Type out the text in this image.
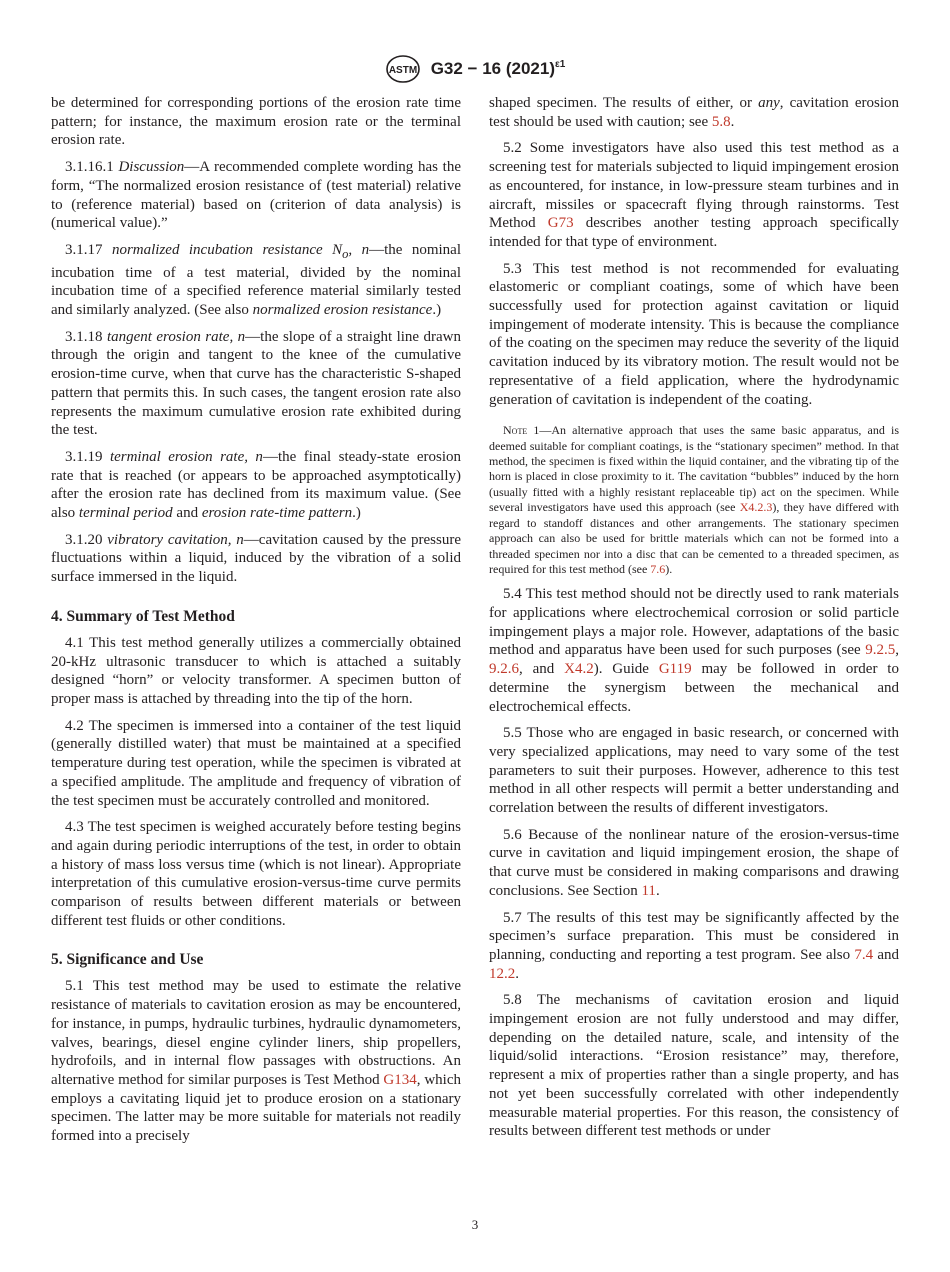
ASTM G32 − 16 $(2021)^{\varepsilon 1}$

be determined for corresponding portions of the erosion rate time pattern; for instance, the maximum erosion rate or the terminal erosion rate.

3.1.16.1 Discussion—A recommended complete wording has the form, “The normalized erosion resistance of (test material) relative to (reference material) based on (criterion of data analysis) is (numerical value).”

3.1.17 normalized incubation resistance $N_o$, n—the nominal incubation time of a test material, divided by the nominal incubation time of a specified reference material similarly tested and similarly analyzed. (See also normalized erosion resistance.)

3.1.18 tangent erosion rate, n—the slope of a straight line drawn through the origin and tangent to the knee of the cumulative erosion-time curve, when that curve has the characteristic S-shaped pattern that permits this. In such cases, the tangent erosion rate also represents the maximum cumulative erosion rate exhibited during the test.

3.1.19 terminal erosion rate, n—the final steady-state erosion rate that is reached (or appears to be approached asymptotically) after the erosion rate has declined from its maximum value. (See also terminal period and erosion rate-time pattern.)

3.1.20 vibratory cavitation, n—cavitation caused by the pressure fluctuations within a liquid, induced by the vibration of a solid surface immersed in the liquid.

4. Summary of Test Method

4.1 This test method generally utilizes a commercially obtained 20-kHz ultrasonic transducer to which is attached a suitably designed “horn” or velocity transformer. A specimen button of proper mass is attached by threading into the tip of the horn.

4.2 The specimen is immersed into a container of the test liquid (generally distilled water) that must be maintained at a specified temperature during test operation, while the specimen is vibrated at a specified amplitude. The amplitude and frequency of vibration of the test specimen must be accurately controlled and monitored.

4.3 The test specimen is weighed accurately before testing begins and again during periodic interruptions of the test, in order to obtain a history of mass loss versus time (which is not linear). Appropriate interpretation of this cumulative erosion-versus-time curve permits comparison of results between different materials or between different test fluids or other conditions.

5. Significance and Use

5.1 This test method may be used to estimate the relative resistance of materials to cavitation erosion as may be encountered, for instance, in pumps, hydraulic turbines, hydraulic dynamometers, valves, bearings, diesel engine cylinder liners, ship propellers, hydrofoils, and in internal flow passages with obstructions. An alternative method for similar purposes is Test Method G134, which employs a cavitating liquid jet to produce erosion on a stationary specimen. The latter may be more suitable for materials not readily formed into a precisely

shaped specimen. The results of either, or any, cavitation erosion test should be used with caution; see 5.8.

5.2 Some investigators have also used this test method as a screening test for materials subjected to liquid impingement erosion as encountered, for instance, in low-pressure steam turbines and in aircraft, missiles or spacecraft flying through rainstorms. Test Method G73 describes another testing approach specifically intended for that type of environment.

5.3 This test method is not recommended for evaluating elastomeric or compliant coatings, some of which have been successfully used for protection against cavitation or liquid impingement of moderate intensity. This is because the compliance of the coating on the specimen may reduce the severity of the liquid cavitation induced by its vibratory motion. The result would not be representative of a field application, where the hydrodynamic generation of cavitation is independent of the coating.

Note 1—An alternative approach that uses the same basic apparatus, and is deemed suitable for compliant coatings, is the “stationary specimen” method. In that method, the specimen is fixed within the liquid container, and the vibrating tip of the horn is placed in close proximity to it. The cavitation “bubbles” induced by the horn (usually fitted with a highly resistant replaceable tip) act on the specimen. While several investigators have used this approach (see X4.2.3), they have differed with regard to standoff distances and other arrangements. The stationary specimen approach can also be used for brittle materials which can not be formed into a threaded specimen nor into a disc that can be cemented to a threaded specimen, as required for this test method (see 7.6).

5.4 This test method should not be directly used to rank materials for applications where electrochemical corrosion or solid particle impingement plays a major role. However, adaptations of the basic method and apparatus have been used for such purposes (see 9.2.5, 9.2.6, and X4.2). Guide G119 may be followed in order to determine the synergism between the mechanical and electrochemical effects.

5.5 Those who are engaged in basic research, or concerned with very specialized applications, may need to vary some of the test parameters to suit their purposes. However, adherence to this test method in all other respects will permit a better understanding and correlation between the results of different investigators.

5.6 Because of the nonlinear nature of the erosion-versus-time curve in cavitation and liquid impingement erosion, the shape of that curve must be considered in making comparisons and drawing conclusions. See Section 11.

5.7 The results of this test may be significantly affected by the specimen’s surface preparation. This must be considered in planning, conducting and reporting a test program. See also 7.4 and 12.2.

5.8 The mechanisms of cavitation erosion and liquid impingement erosion are not fully understood and may differ, depending on the detailed nature, scale, and intensity of the liquid/solid interactions. “Erosion resistance” may, therefore, represent a mix of properties rather than a single property, and has not yet been successfully correlated with other independently measurable material properties. For this reason, the consistency of results between different test methods or under

3
